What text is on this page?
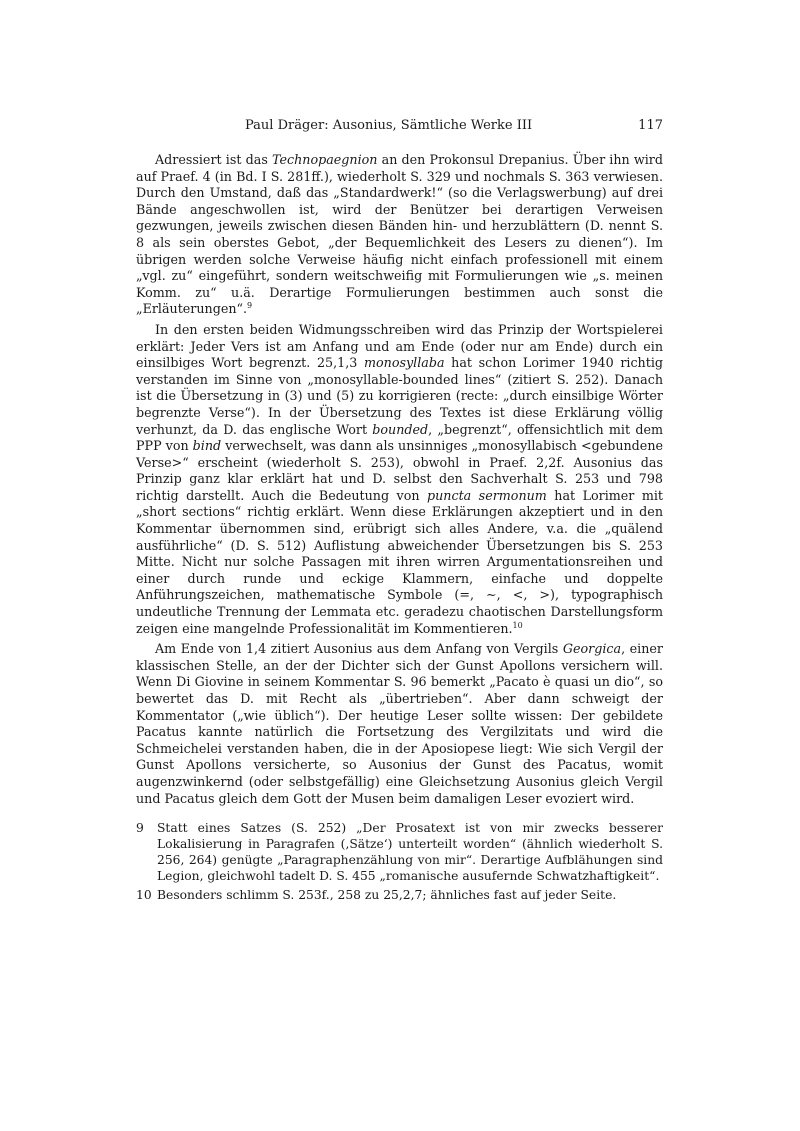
Paul Dräger: Ausonius, Sämtliche Werke III	117

Adressiert ist das Technopaegnion an den Prokonsul Drepanius. Über ihn wird auf Praef. 4 (in Bd. I S. 281ff.), wiederholt S. 329 und nochmals S. 363 verwiesen. Durch den Umstand, daß das „Standardwerk!“ (so die Verlagswerbung) auf drei Bände angeschwollen ist, wird der Benützer bei derartigen Verweisen gezwungen, jeweils zwischen diesen Bänden hin- und herzublättern (D. nennt S. 8 als sein oberstes Gebot, „der Bequemlichkeit des Lesers zu dienen“). Im übrigen werden solche Verweise häufig nicht einfach professionell mit einem „vgl. zu“ eingeführt, sondern weitschweifig mit Formulierungen wie „s. meinen Komm. zu“ u.ä. Derartige Formulierungen bestimmen auch sonst die „Erläuterungen“.$^9$

In den ersten beiden Widmungsschreiben wird das Prinzip der Wortspielerei erklärt: Jeder Vers ist am Anfang und am Ende (oder nur am Ende) durch ein einsilbiges Wort begrenzt. 25,1,3 monosyllaba hat schon Lorimer 1940 richtig verstanden im Sinne von „monosyllable-bounded lines“ (zitiert S. 252). Danach ist die Übersetzung in (3) und (5) zu korrigieren (recte: „durch einsilbige Wörter begrenzte Verse“). In der Übersetzung des Textes ist diese Erklärung völlig verhunzt, da D. das englische Wort bounded, „begrenzt“, offensichtlich mit dem PPP von bind verwechselt, was dann als unsinniges „monosyllabisch <gebundene Verse>“ erscheint (wiederholt S. 253), obwohl in Praef. 2,2f. Ausonius das Prinzip ganz klar erklärt hat und D. selbst den Sachverhalt S. 253 und 798 richtig darstellt. Auch die Bedeutung von puncta sermonum hat Lorimer mit „short sections“ richtig erklärt. Wenn diese Erklärungen akzeptiert und in den Kommentar übernommen sind, erübrigt sich alles Andere, v.a. die „quälend ausführliche“ (D. S. 512) Auflistung abweichender Übersetzungen bis S. 253 Mitte. Nicht nur solche Passagen mit ihren wirren Argumentationsreihen und einer durch runde und eckige Klammern, einfache und doppelte Anführungszeichen, mathematische Symbole (=, ∼, <, >), typographisch undeutliche Trennung der Lemmata etc. geradezu chaotischen Darstellungsform zeigen eine mangelnde Professionalität im Kommentieren.$^{10}$

Am Ende von 1,4 zitiert Ausonius aus dem Anfang von Vergils Georgica, einer klassischen Stelle, an der der Dichter sich der Gunst Apollons versichern will. Wenn Di Giovine in seinem Kommentar S. 96 bemerkt „Pacato è quasi un dio“, so bewertet das D. mit Recht als „übertrieben“. Aber dann schweigt der Kommentator („wie üblich“). Der heutige Leser sollte wissen: Der gebildete Pacatus kannte natürlich die Fortsetzung des Vergilzitats und wird die Schmeichelei verstanden haben, die in der Aposiopese liegt: Wie sich Vergil der Gunst Apollons versicherte, so Ausonius der Gunst des Pacatus, womit augenzwinkernd (oder selbstgefällig) eine Gleichsetzung Ausonius gleich Vergil und Pacatus gleich dem Gott der Musen beim damaligen Leser evoziert wird.

9	Statt eines Satzes (S. 252) „Der Prosatext ist von mir zwecks besserer Lokalisierung in Paragrafen (‚Sätze‘) unterteilt worden“ (ähnlich wiederholt S. 256, 264) genügte „Paragraphenzählung von mir“. Derartige Aufblähungen sind Legion, gleichwohl tadelt D. S. 455 „romanische ausufernde Schwatzhaftigkeit“.
10 Besonders schlimm S. 253f., 258 zu 25,2,7; ähnliches fast auf jeder Seite.
